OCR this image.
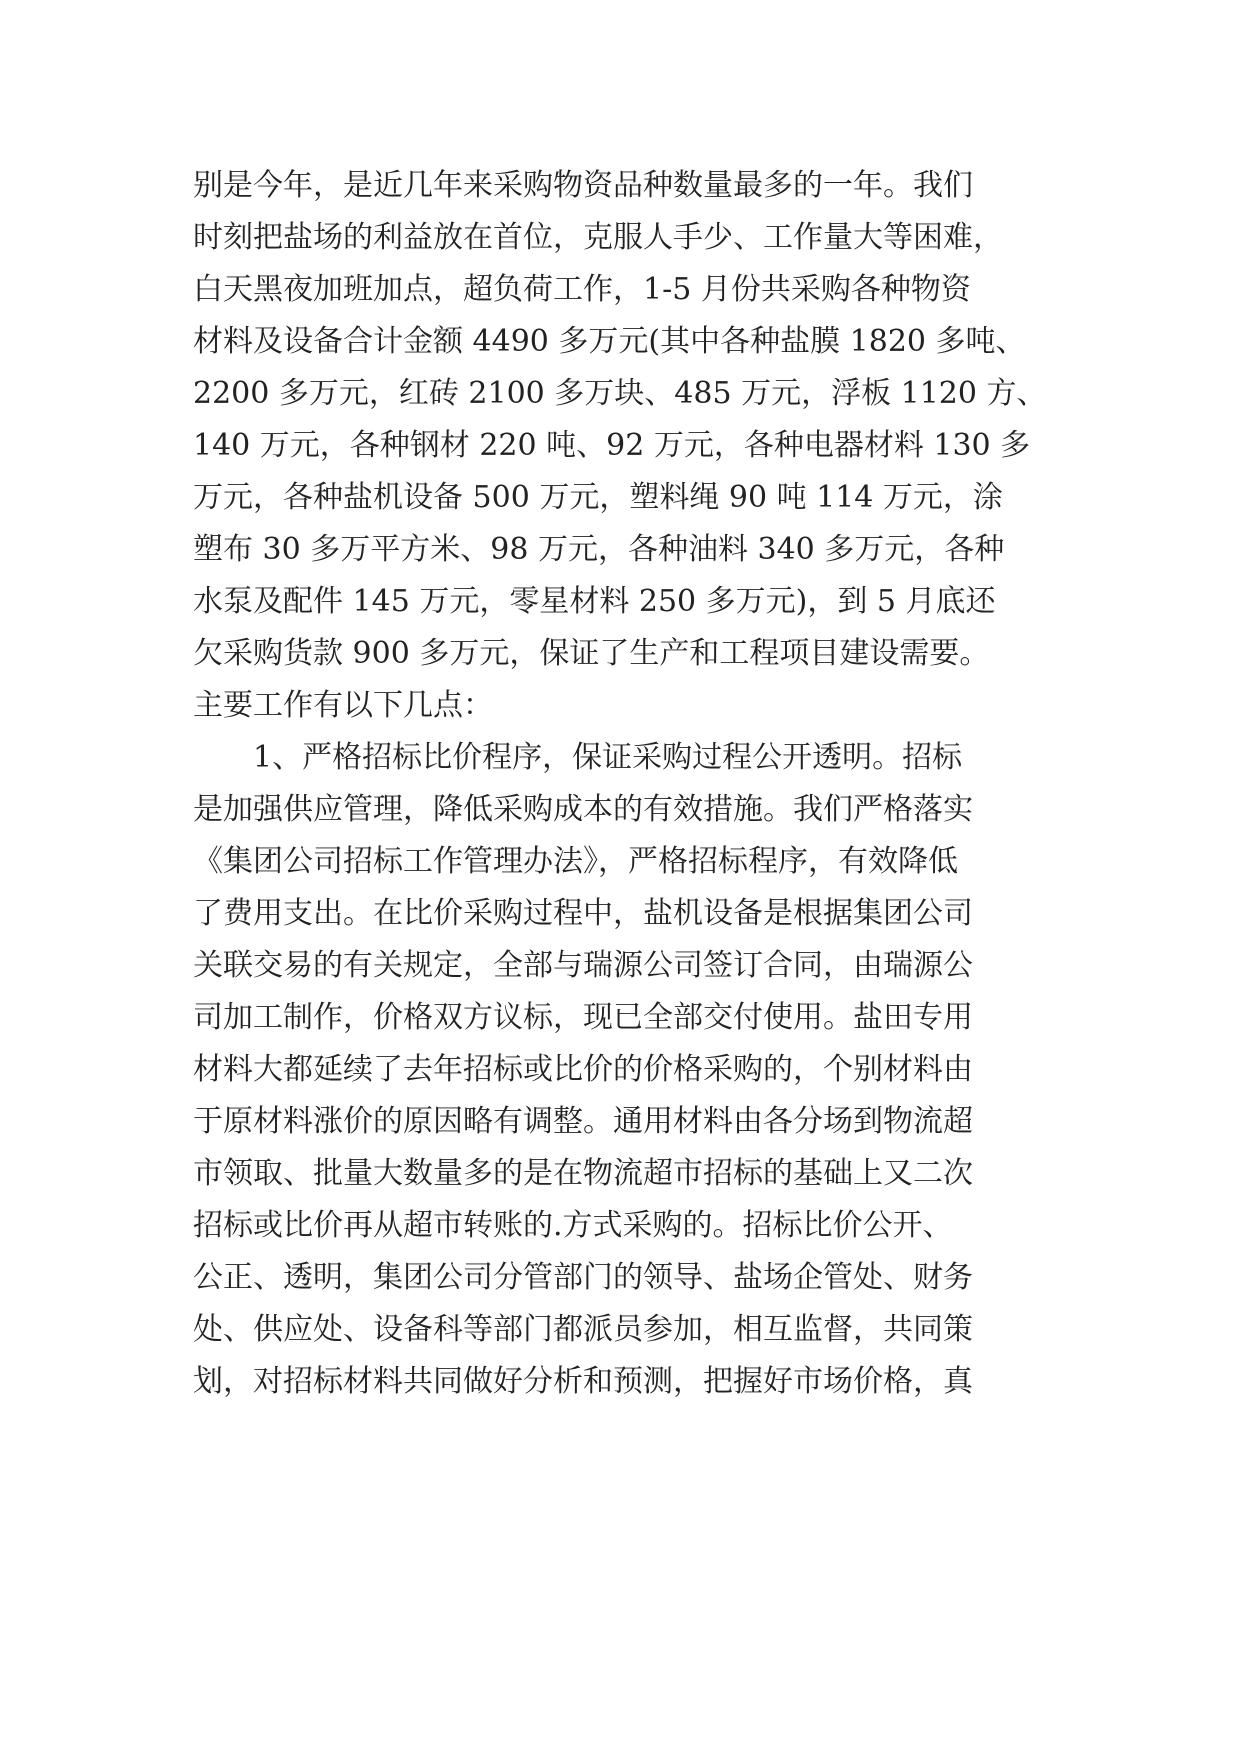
别是今年，是近几年来采购物资品种数量最多的一年。我们
时刻把盐场的利益放在首位，克服人手少、工作量大等困难，
白天黑夜加班加点，超负荷工作，1-5 月份共采购各种物资
材料及设备合计金额 4490 多万元(其中各种盐膜 1820 多吨、
2200 多万元，红砖 2100 多万块、485 万元，浮板 1120 方、
140 万元，各种钢材 220 吨、92 万元，各种电器材料 130 多
万元，各种盐机设备 500 万元，塑料绳 90 吨 114 万元，涂
塑布 30 多万平方米、98 万元，各种油料 340 多万元，各种
水泵及配件 145 万元，零星材料 250 多万元)，到 5 月底还
欠采购货款 900 多万元，保证了生产和工程项目建设需要。
主要工作有以下几点：
1、严格招标比价程序，保证采购过程公开透明。招标
是加强供应管理，降低采购成本的有效措施。我们严格落实
《集团公司招标工作管理办法》，严格招标程序，有效降低
了费用支出。在比价采购过程中，盐机设备是根据集团公司
关联交易的有关规定，全部与瑞源公司签订合同，由瑞源公
司加工制作，价格双方议标，现已全部交付使用。盐田专用
材料大都延续了去年招标或比价的价格采购的，个别材料由
于原材料涨价的原因略有调整。通用材料由各分场到物流超
市领取、批量大数量多的是在物流超市招标的基础上又二次
招标或比价再从超市转账的.方式采购的。招标比价公开、
公正、透明，集团公司分管部门的领导、盐场企管处、财务
处、供应处、设备科等部门都派员参加，相互监督，共同策
划，对招标材料共同做好分析和预测，把握好市场价格，真
